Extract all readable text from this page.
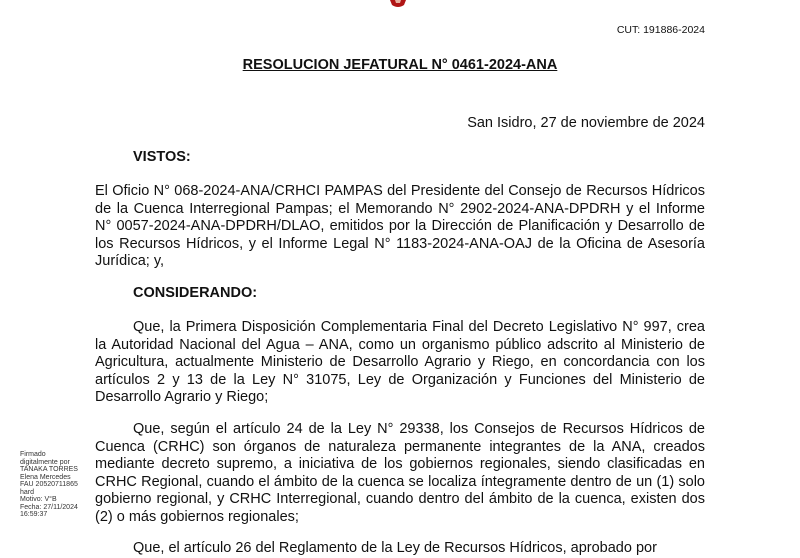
CUT: 191886-2024
RESOLUCION JEFATURAL N° 0461-2024-ANA
San Isidro, 27 de noviembre de 2024
VISTOS:
El Oficio N° 068-2024-ANA/CRHCI PAMPAS del Presidente del Consejo de Recursos Hídricos de la Cuenca Interregional Pampas; el Memorando N° 2902-2024-ANA-DPDRH y el Informe N° 0057-2024-ANA-DPDRH/DLAO, emitidos por la Dirección de Planificación y Desarrollo de los Recursos Hídricos, y el Informe Legal N° 1183-2024-ANA-OAJ de la Oficina de Asesoría Jurídica; y,
CONSIDERANDO:
Que, la Primera Disposición Complementaria Final del Decreto Legislativo N° 997, crea la Autoridad Nacional del Agua – ANA, como un organismo público adscrito al Ministerio de Agricultura, actualmente Ministerio de Desarrollo Agrario y Riego, en concordancia con los artículos 2 y 13 de la Ley N° 31075, Ley de Organización y Funciones del Ministerio de Desarrollo Agrario y Riego;
Que, según el artículo 24 de la Ley N° 29338, los Consejos de Recursos Hídricos de Cuenca (CRHC) son órganos de naturaleza permanente integrantes de la ANA, creados mediante decreto supremo, a iniciativa de los gobiernos regionales, siendo clasificadas en CRHC Regional, cuando el ámbito de la cuenca se localiza íntegramente dentro de un (1) solo gobierno regional, y CRHC Interregional, cuando dentro del ámbito de la cuenca, existen dos (2) o más gobiernos regionales;
Que, el artículo 26 del Reglamento de la Ley de Recursos Hídricos, aprobado por
Firmado
digitalmente por
TANAKA TORRES
Elena Mercedes
FAU 20520711865
hard
Motivo: V°B
Fecha: 27/11/2024
16:59:37
